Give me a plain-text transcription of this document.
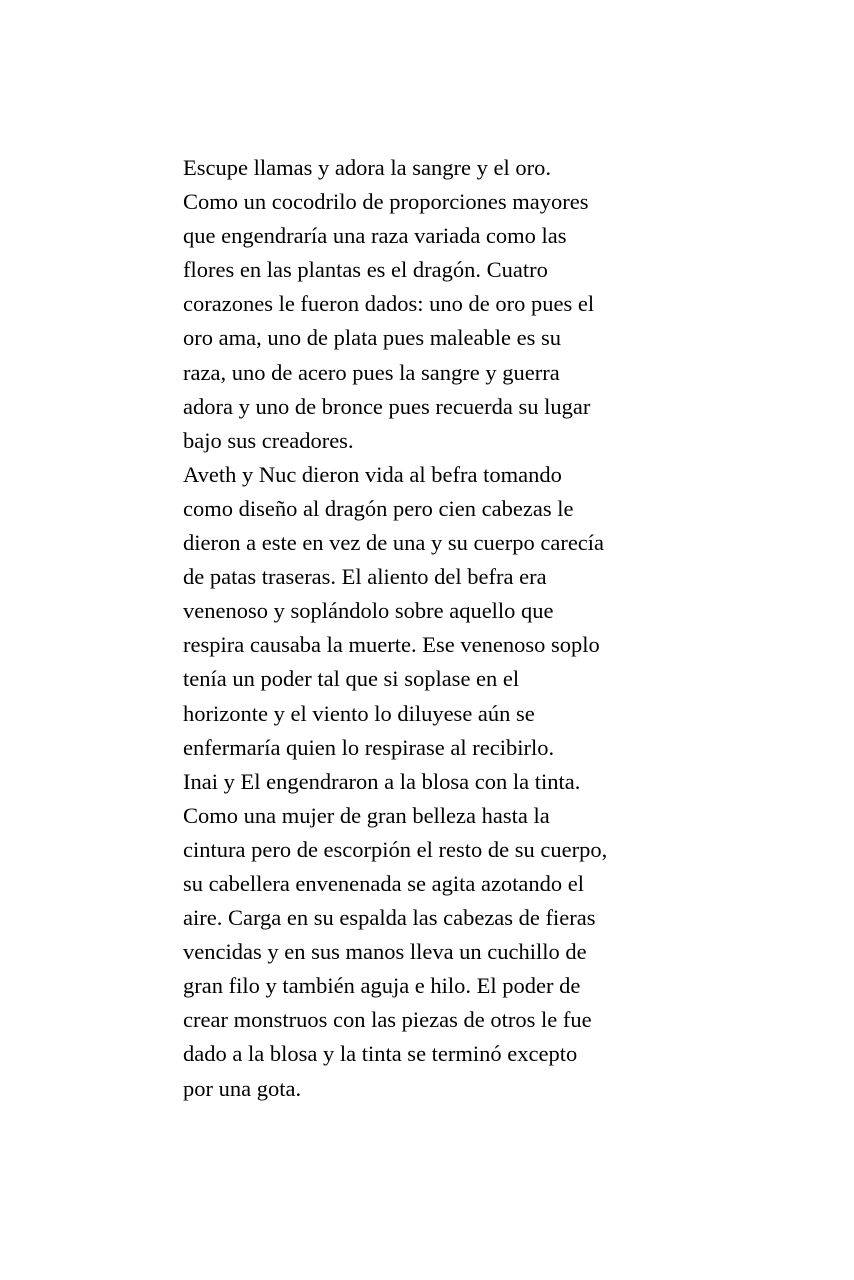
Escupe llamas y adora la sangre y el oro.
Como un cocodrilo de proporciones mayores
que engendraría una raza variada como las
flores en las plantas es el dragón. Cuatro
corazones le fueron dados: uno de oro pues el
oro ama, uno de plata pues maleable es su
raza, uno de acero pues la sangre y guerra
adora y uno de bronce pues recuerda su lugar
bajo sus creadores.
Aveth y Nuc dieron vida al befra tomando
como diseño al dragón pero cien cabezas le
dieron a este en vez de una y su cuerpo carecía
de patas traseras. El aliento del befra era
venenoso y soplándolo sobre aquello que
respira causaba la muerte. Ese venenoso soplo
tenía un poder tal que si soplase en el
horizonte y el viento lo diluyese aún se
enfermaría quien lo respirase al recibirlo.
Inai y El engendraron a la blosa con la tinta.
Como una mujer de gran belleza hasta la
cintura pero de escorpión el resto de su cuerpo,
su cabellera envenenada se agita azotando el
aire. Carga en su espalda las cabezas de fieras
vencidas y en sus manos lleva un cuchillo de
gran filo y también aguja e hilo. El poder de
crear monstruos con las piezas de otros le fue
dado a la blosa y la tinta se terminó excepto
por una gota.
